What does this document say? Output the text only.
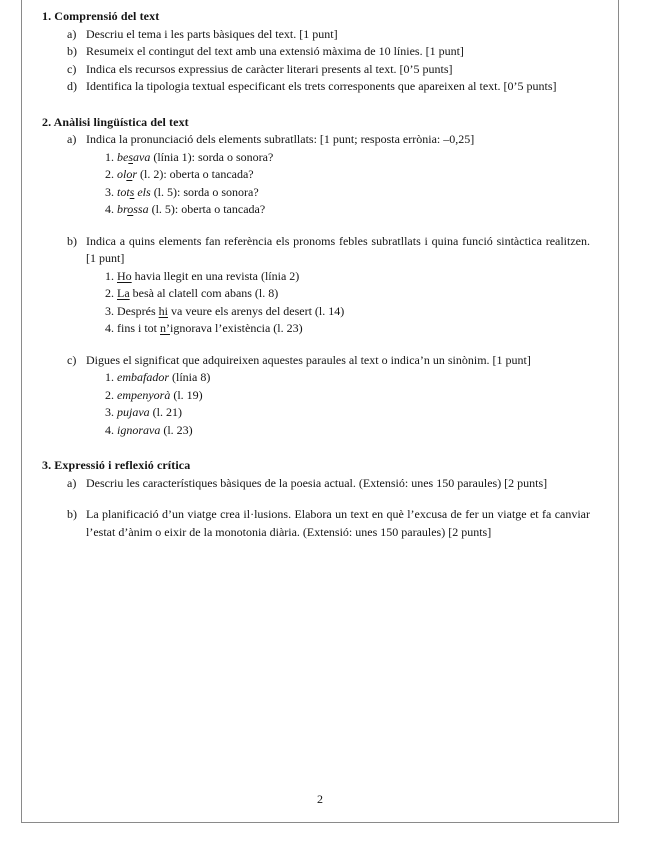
1. Comprensió del text
a) Descriu el tema i les parts bàsiques del text. [1 punt]
b) Resumeix el contingut del text amb una extensió màxima de 10 línies. [1 punt]
c) Indica els recursos expressius de caràcter literari presents al text. [0’5 punts]
d) Identifica la tipologia textual especificant els trets corresponents que apareixen al text. [0’5 punts]
2. Anàlisi lingüística del text
a) Indica la pronunciació dels elements subratllats: [1 punt; resposta errònia: –0,25]
1. besava (línia 1): sorda o sonora?
2. olor (l. 2): oberta o tancada?
3. tots els (l. 5): sorda o sonora?
4. brossa (l. 5): oberta o tancada?
b) Indica a quins elements fan referència els pronoms febles subratllats i quina funció sintàctica realitzen. [1 punt]
1. Ho havia llegit en una revista (línia 2)
2. La besà al clatell com abans (l. 8)
3. Després hi va veure els arenys del desert (l. 14)
4. fins i tot n’ignorava l’existència (l. 23)
c) Digues el significat que adquireixen aquestes paraules al text o indica’n un sinònim. [1 punt]
1. embafador (línia 8)
2. empenyorà (l. 19)
3. pujava (l. 21)
4. ignorava (l. 23)
3. Expressió i reflexió crítica
a) Descriu les característiques bàsiques de la poesia actual. (Extensió: unes 150 paraules) [2 punts]
b) La planificació d’un viatge crea il·lusions. Elabora un text en què l’excusa de fer un viatge et fa canviar l’estat d’ànim o eixir de la monotonia diària. (Extensió: unes 150 paraules) [2 punts]
2
